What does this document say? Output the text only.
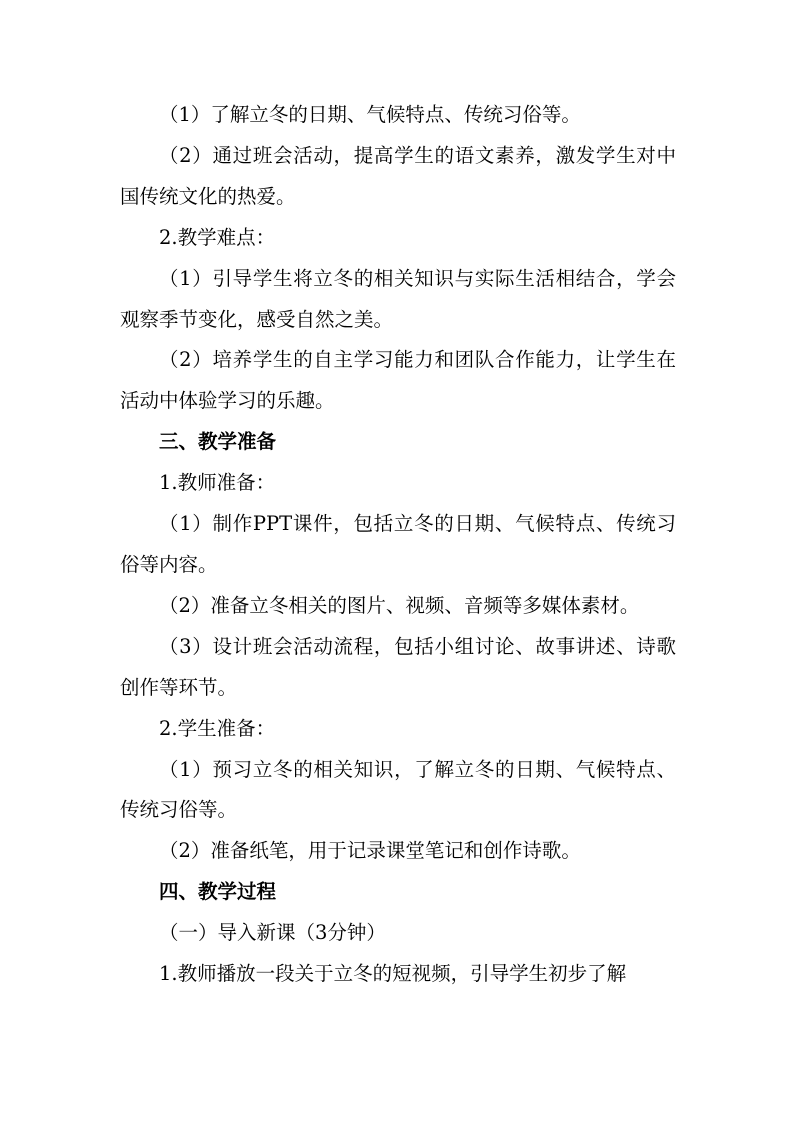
（1）了解立冬的日期、气候特点、传统习俗等。

（2）通过班会活动，提高学生的语文素养，激发学生对中国传统文化的热爱。

2.教学难点：

（1）引导学生将立冬的相关知识与实际生活相结合，学会观察季节变化，感受自然之美。

（2）培养学生的自主学习能力和团队合作能力，让学生在活动中体验学习的乐趣。

三、教学准备

1.教师准备：

（1）制作PPT课件，包括立冬的日期、气候特点、传统习俗等内容。

（2）准备立冬相关的图片、视频、音频等多媒体素材。

（3）设计班会活动流程，包括小组讨论、故事讲述、诗歌创作等环节。

2.学生准备：

（1）预习立冬的相关知识，了解立冬的日期、气候特点、传统习俗等。

（2）准备纸笔，用于记录课堂笔记和创作诗歌。

四、教学过程

（一）导入新课（3分钟）

1.教师播放一段关于立冬的短视频，引导学生初步了解
